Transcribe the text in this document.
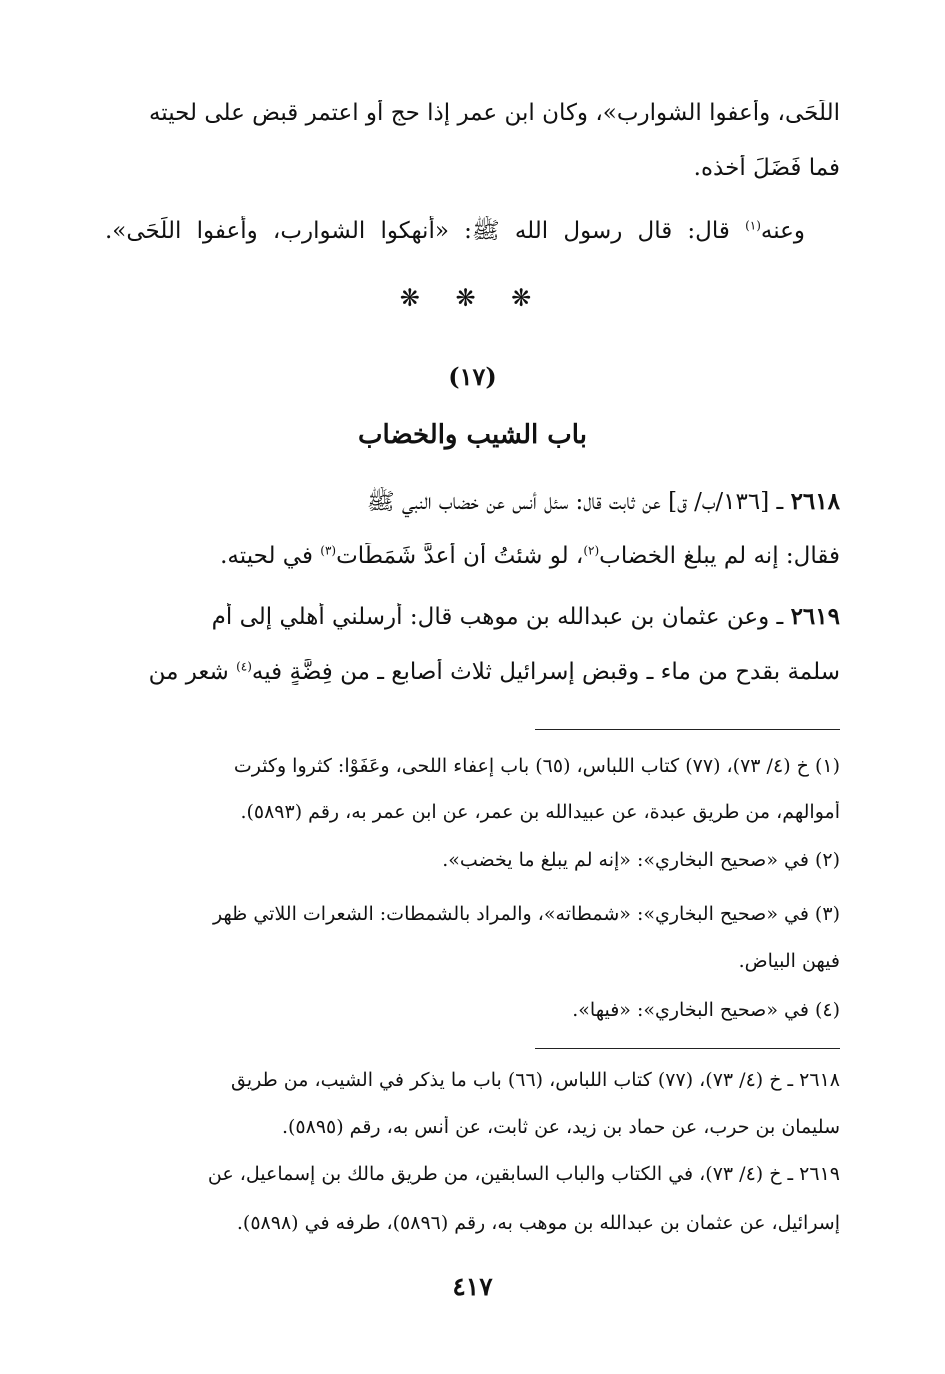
اللِّحَى، وأعفوا الشوارب»، وكان ابن عمر إذا حج أو اعتمر قبض على لحيته
فما فَضَلَ أخذه.
وعنه$^{(١)}$ قال: قال رسول الله ﷺ: «أنهكوا الشوارب، وأعفوا اللِّحَى».
❋ ❋ ❋
(١٧)
باب الشيب والخضاب
٢٦١٨ ـ [١٣٦/ب/ ق] عن ثابت قال: سئل أنس عن خضاب النبي ﷺ
فقال: إنه لم يبلغ الخضاب$^{(٢)}$، لو شئتُ أن أعدَّ شَمَطَات$^{(٣)}$ في لحيته.
٢٦١٩ ـ وعن عثمان بن عبدالله بن موهب قال: أرسلني أهلي إلى أم
سلمة بقدح من ماء ـ وقبض إسرائيل ثلاث أصابع ـ من فِضَّةٍ فيه$^{(٤)}$ شعر من
(١) خ (٤/ ٧٣)، (٧٧) كتاب اللباس، (٦٥) باب إعفاء اللحى، وعَفَوْا: كثروا وكثرت
أموالهم، من طريق عبدة، عن عبيدالله بن عمر، عن ابن عمر به، رقم (٥٨٩٣).
(٢) في «صحيح البخاري»: «إنه لم يبلغ ما يخضب».
(٣) في «صحيح البخاري»: «شمطاته»، والمراد بالشمطات: الشعرات اللاتي ظهر
فيهن البياض.
(٤) في «صحيح البخاري»: «فيها».
٢٦١٨ ـ خ (٤/ ٧٣)، (٧٧) كتاب اللباس، (٦٦) باب ما يذكر في الشيب، من طريق
سليمان بن حرب، عن حماد بن زيد، عن ثابت، عن أنس به، رقم (٥٨٩٥).
٢٦١٩ ـ خ (٤/ ٧٣)، في الكتاب والباب السابقين، من طريق مالك بن إسماعيل، عن
إسرائيل، عن عثمان بن عبدالله بن موهب به، رقم (٥٨٩٦)، طرفه في (٥٨٩٨).
٤١٧
